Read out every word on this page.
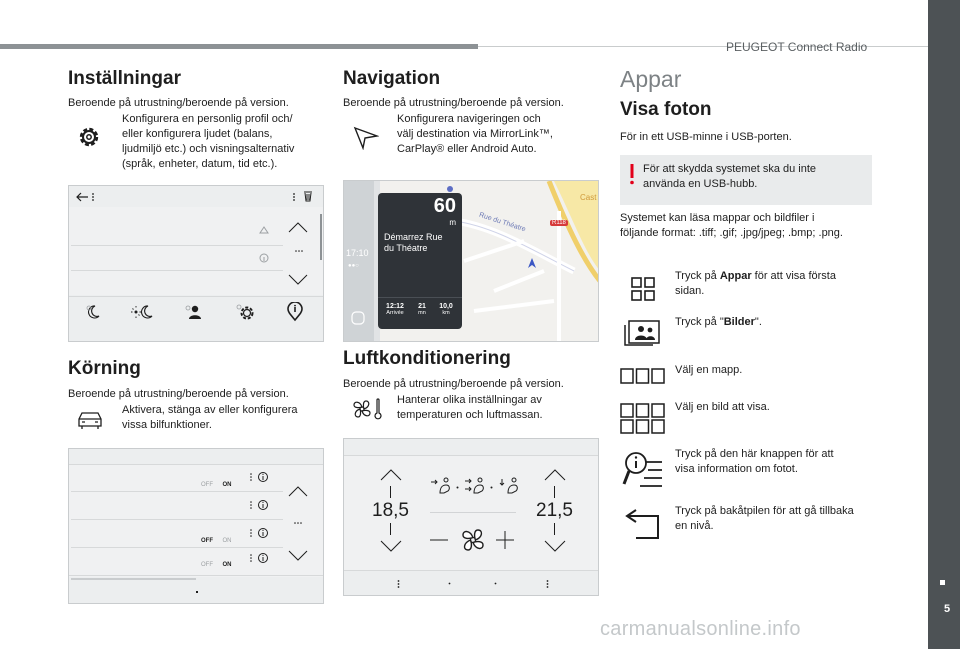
PEUGEOT Connect Radio
5
carmanualsonline.info
Inställningar
Beroende på utrustning/beroende på version.
Konfigurera en personlig profil och/
eller konfigurera ljudet (balans,
ljudmiljö etc.) och visningsalternativ
(språk, enheter, datum, tid etc.).
Körning
Beroende på utrustning/beroende på version.
Aktivera, stänga av eller konfigurera
vissa bilfunktioner.
OFF ON
OFF ON
OFF ON
Navigation
Beroende på utrustning/beroende på version.
Konfigurera navigeringen och
välj destination via MirrorLink™,
CarPlay® eller Android Auto.
Rue du Théatre	R118
Cast
17:10
●●○
60
m
Démarrez Rue
du Théatre
12:12
Arrivée
21
mn
10,0
km
Luftkonditionering
Beroende på utrustning/beroende på version.
Hanterar olika inställningar av
temperaturen och luftmassan.
18,5	21,5
Appar
Visa foton
För in ett USB-minne i USB-porten.
För att skydda systemet ska du inte
använda en USB-hubb.
Systemet kan läsa mappar och bildfiler i
följande format: .tiff; .gif; .jpg/jpeg; .bmp; .png.
Tryck på Appar för att visa första
sidan.
Tryck på "Bilder".
Välj en mapp.
Välj en bild att visa.
Tryck på den här knappen för att
visa information om fotot.
Tryck på bakåtpilen för att gå tillbaka
en nivå.
